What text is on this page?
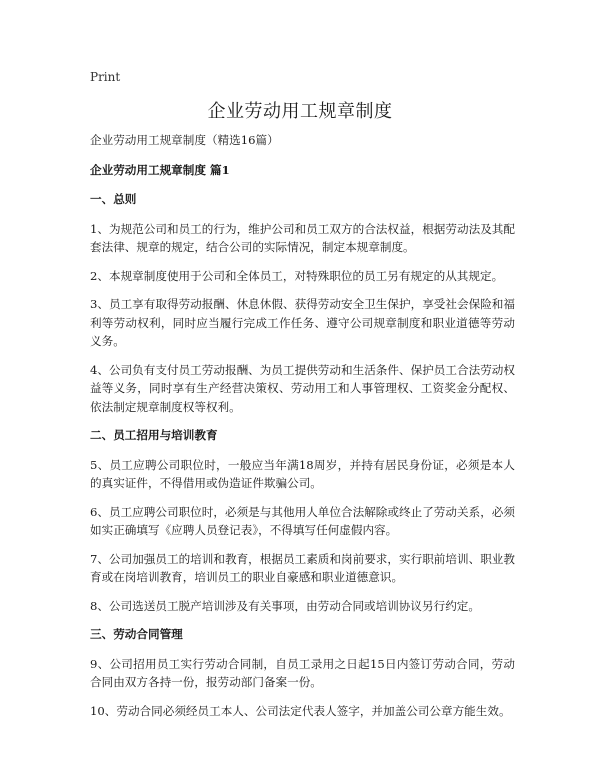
Print
企业劳动用工规章制度

企业劳动用工规章制度（精选16篇）

企业劳动用工规章制度 篇1

一、总则

1、为规范公司和员工的行为，维护公司和员工双方的合法权益，根据劳动法及其配套法律、规章的规定，结合公司的实际情况，制定本规章制度。

2、本规章制度使用于公司和全体员工，对特殊职位的员工另有规定的从其规定。

3、员工享有取得劳动报酬、休息休假、获得劳动安全卫生保护，享受社会保险和福利等劳动权利，同时应当履行完成工作任务、遵守公司规章制度和职业道德等劳动义务。

4、公司负有支付员工劳动报酬、为员工提供劳动和生活条件、保护员工合法劳动权益等义务，同时享有生产经营决策权、劳动用工和人事管理权、工资奖金分配权、依法制定规章制度权等权利。

二、员工招用与培训教育

5、员工应聘公司职位时，一般应当年满18周岁，并持有居民身份证，必须是本人的真实证件，不得借用或伪造证件欺骗公司。

6、员工应聘公司职位时，必须是与其他用人单位合法解除或终止了劳动关系，必须如实正确填写《应聘人员登记表》，不得填写任何虚假内容。

7、公司加强员工的培训和教育，根据员工素质和岗前要求，实行职前培训、职业教育或在岗培训教育，培训员工的职业自豪感和职业道德意识。

8、公司选送员工脱产培训涉及有关事项，由劳动合同或培训协议另行约定。

三、劳动合同管理

9、公司招用员工实行劳动合同制，自员工录用之日起15日内签订劳动合同，劳动合同由双方各持一份，报劳动部门备案一份。

10、劳动合同必须经员工本人、公司法定代表人签字，并加盖公司公章方能生效。
